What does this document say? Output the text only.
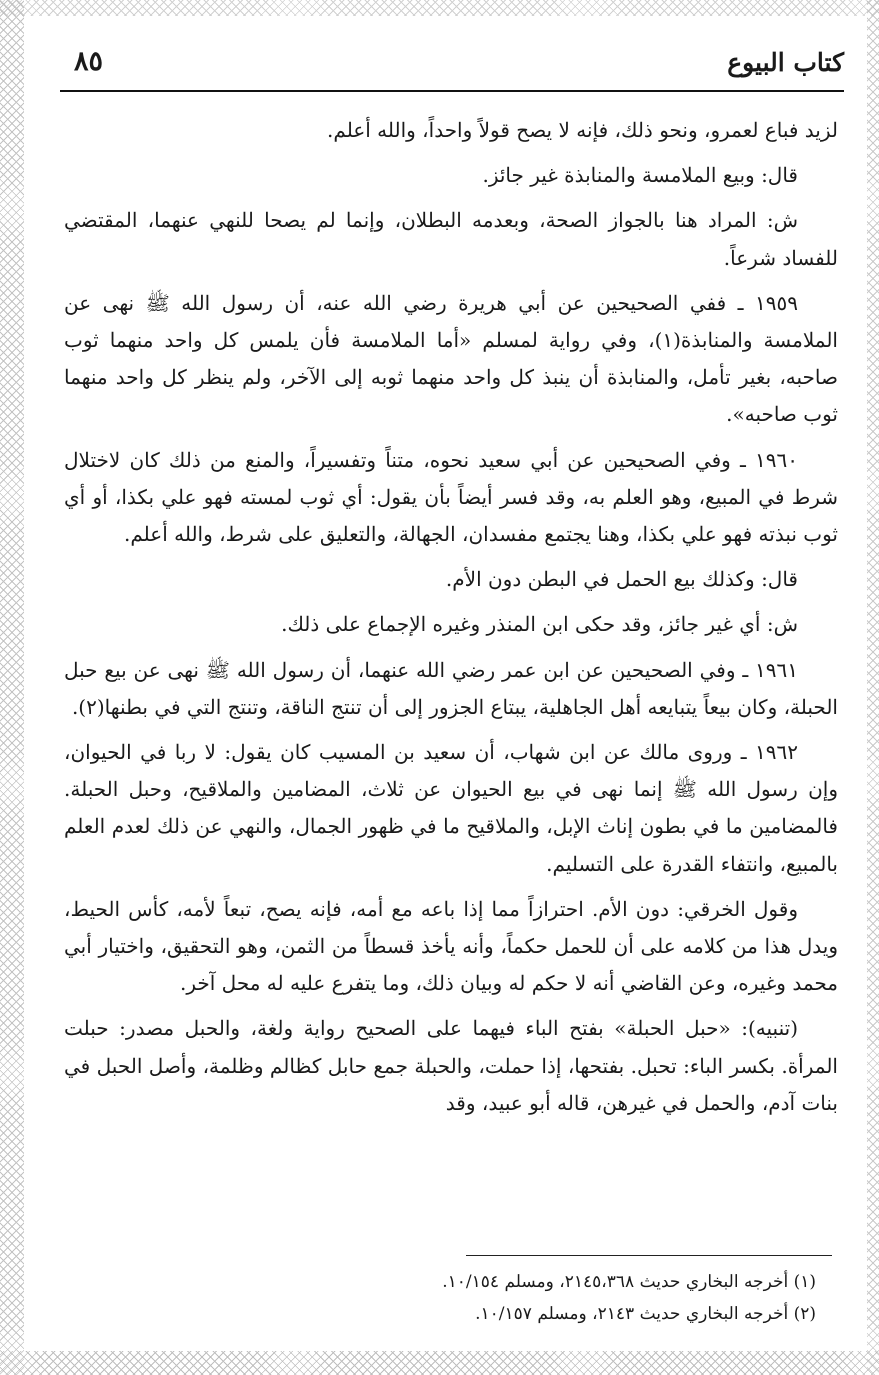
كتاب البيوع
٨٥

لزيد فباع لعمرو، ونحو ذلك، فإنه لا يصح قولاً واحداً، والله أعلم.

قال: وبيع الملامسة والمنابذة غير جائز.

ش: المراد هنا بالجواز الصحة، وبعدمه البطلان، وإنما لم يصحا للنهي عنهما، المقتضي للفساد شرعاً.

١٩٥٩ ـ ففي الصحيحين عن أبي هريرة رضي الله عنه، أن رسول الله ﷺ نهى عن الملامسة والمنابذة(١)، وفي رواية لمسلم «أما الملامسة فأن يلمس كل واحد منهما ثوب صاحبه، بغير تأمل، والمنابذة أن ينبذ كل واحد منهما ثوبه إلى الآخر، ولم ينظر كل واحد منهما ثوب صاحبه».

١٩٦٠ ـ وفي الصحيحين عن أبي سعيد نحوه، متناً وتفسيراً، والمنع من ذلك كان لاختلال شرط في المبيع، وهو العلم به، وقد فسر أيضاً بأن يقول: أي ثوب لمسته فهو علي بكذا، أو أي ثوب نبذته فهو علي بكذا، وهنا يجتمع مفسدان، الجهالة، والتعليق على شرط، والله أعلم.

قال: وكذلك بيع الحمل في البطن دون الأم.

ش: أي غير جائز، وقد حكى ابن المنذر وغيره الإجماع على ذلك.

١٩٦١ ـ وفي الصحيحين عن ابن عمر رضي الله عنهما، أن رسول الله ﷺ نهى عن بيع حبل الحبلة، وكان بيعاً يتبايعه أهل الجاهلية، يبتاع الجزور إلى أن تنتج الناقة، وتنتج التي في بطنها(٢).

١٩٦٢ ـ وروى مالك عن ابن شهاب، أن سعيد بن المسيب كان يقول: لا ربا في الحيوان، وإن رسول الله ﷺ إنما نهى في بيع الحيوان عن ثلاث، المضامين والملاقيح، وحبل الحبلة. فالمضامين ما في بطون إناث الإبل، والملاقيح ما في ظهور الجمال، والنهي عن ذلك لعدم العلم بالمبيع، وانتفاء القدرة على التسليم.

وقول الخرقي: دون الأم. احترازاً مما إذا باعه مع أمه، فإنه يصح، تبعاً لأمه، كأس الحيط، ويدل هذا من كلامه على أن للحمل حكماً، وأنه يأخذ قسطاً من الثمن، وهو التحقيق، واختيار أبي محمد وغيره، وعن القاضي أنه لا حكم له وبيان ذلك، وما يتفرع عليه له محل آخر.

(تنبيه): «حبل الحبلة» بفتح الباء فيهما على الصحيح رواية ولغة، والحبل مصدر: حبلت المرأة. بكسر الباء: تحبل. بفتحها، إذا حملت، والحبلة جمع حابل كظالم وظلمة، وأصل الحبل في بنات آدم، والحمل في غيرهن، قاله أبو عبيد، وقد

(١) أخرجه البخاري حديث ٢١٤٥،٣٦٨، ومسلم ١٠/١٥٤.

(٢) أخرجه البخاري حديث ٢١٤٣، ومسلم ١٠/١٥٧.
